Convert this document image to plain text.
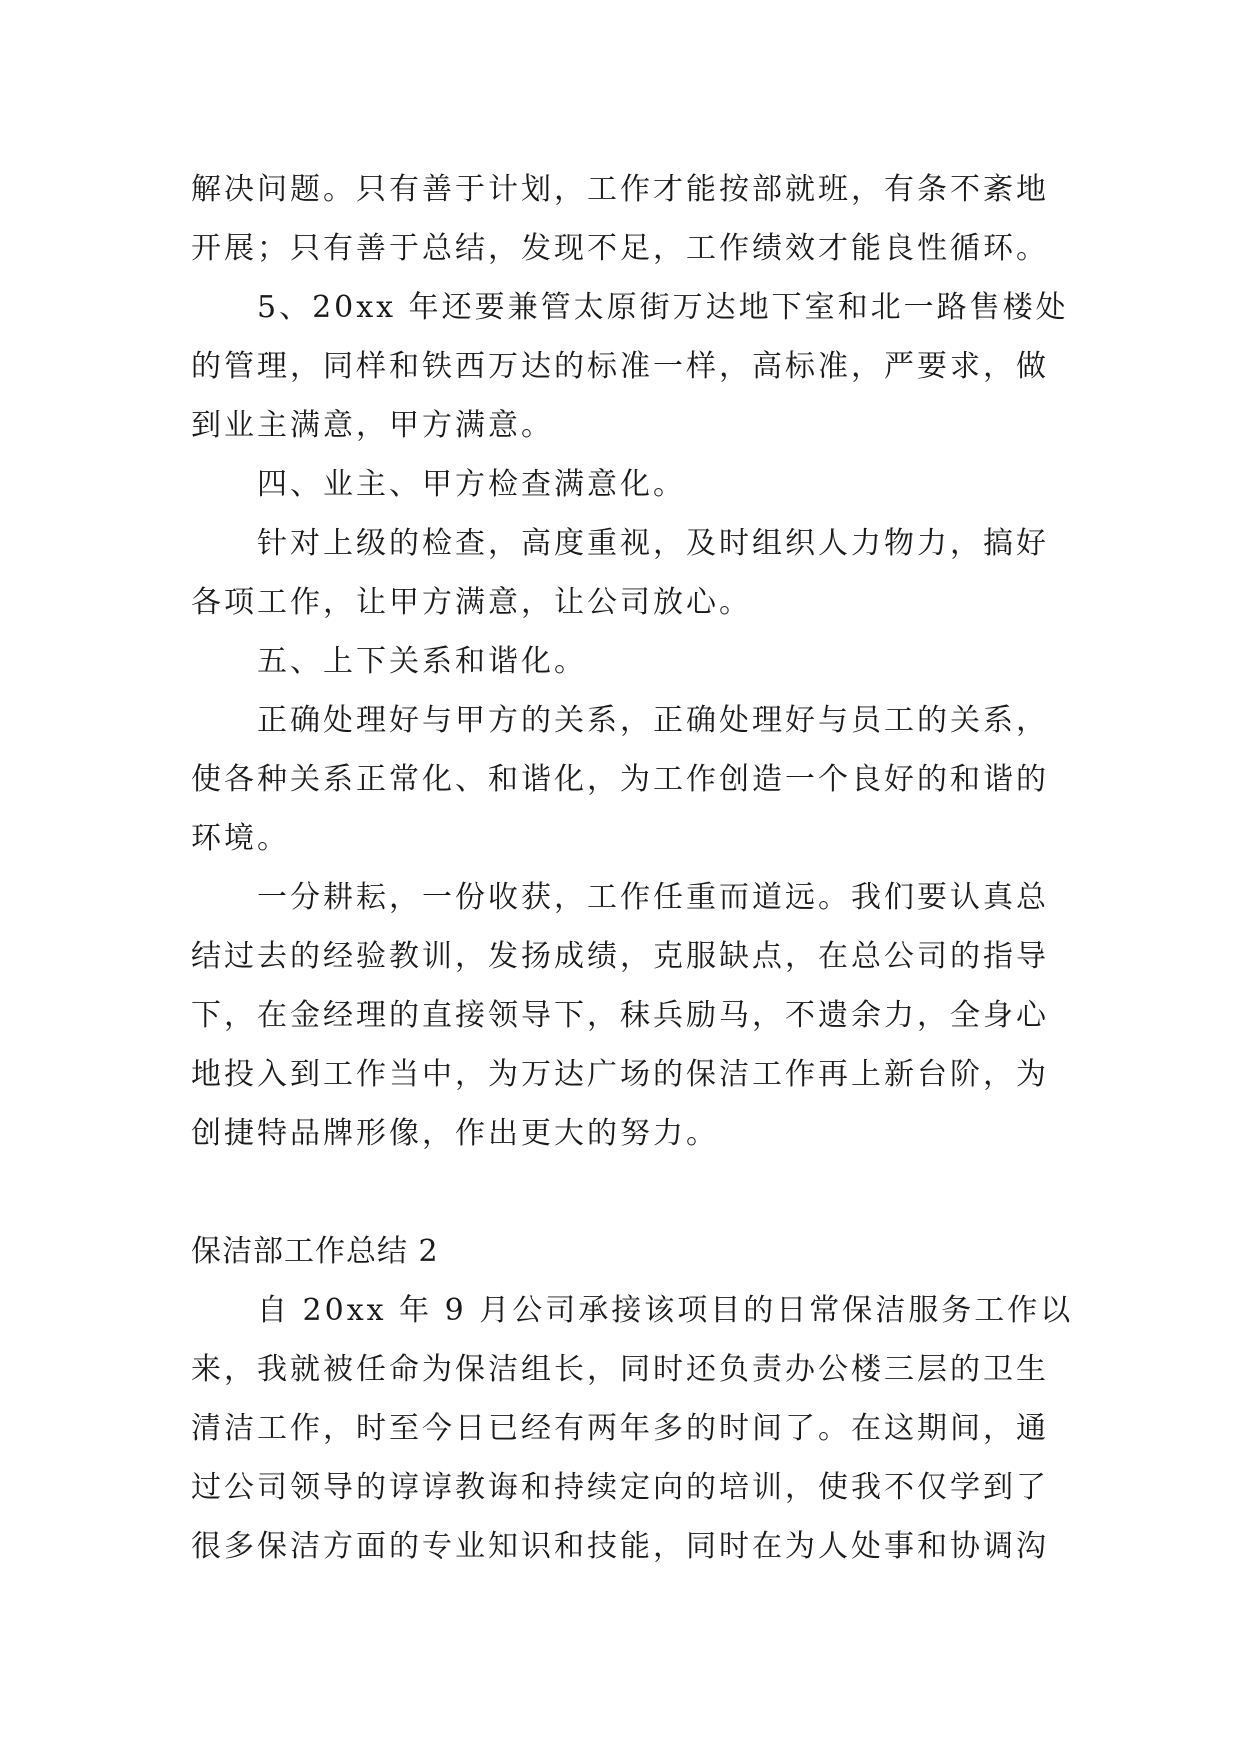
解决问题。只有善于计划，工作才能按部就班，有条不紊地
开展；只有善于总结，发现不足，工作绩效才能良性循环。
5、20xx 年还要兼管太原街万达地下室和北一路售楼处
的管理，同样和铁西万达的标准一样，高标准，严要求，做
到业主满意，甲方满意。
四、业主、甲方检查满意化。
针对上级的检查，高度重视，及时组织人力物力，搞好
各项工作，让甲方满意，让公司放心。
五、上下关系和谐化。
正确处理好与甲方的关系，正确处理好与员工的关系，
使各种关系正常化、和谐化，为工作创造一个良好的和谐的
环境。
一分耕耘，一份收获，工作任重而道远。我们要认真总
结过去的经验教训，发扬成绩，克服缺点，在总公司的指导
下，在金经理的直接领导下，秣兵励马，不遗余力，全身心
地投入到工作当中，为万达广场的保洁工作再上新台阶，为
创捷特品牌形像，作出更大的努力。
保洁部工作总结 2
自 20xx 年 9 月公司承接该项目的日常保洁服务工作以
来，我就被任命为保洁组长，同时还负责办公楼三层的卫生
清洁工作，时至今日已经有两年多的时间了。在这期间，通
过公司领导的谆谆教诲和持续定向的培训，使我不仅学到了
很多保洁方面的专业知识和技能，同时在为人处事和协调沟
